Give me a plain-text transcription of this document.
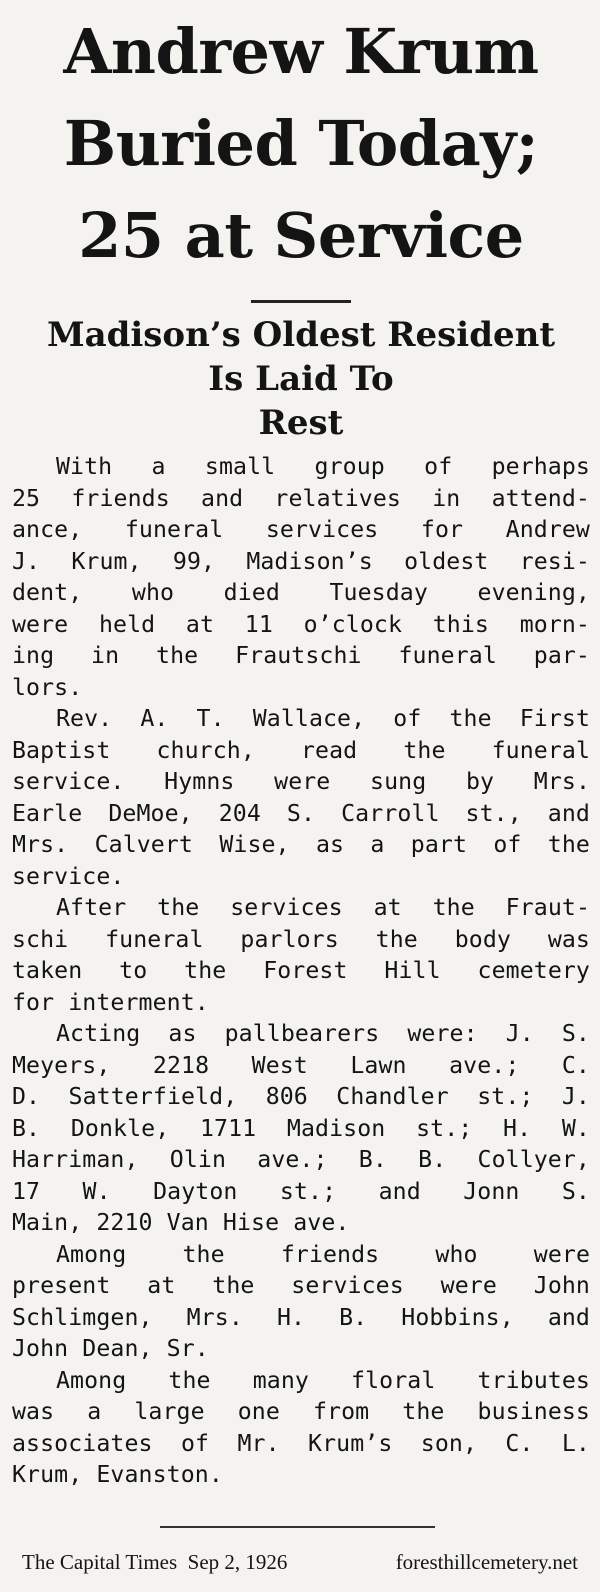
Andrew Krum
Buried Today;
25 at Service
Madison’s Oldest Resident
Is Laid To
Rest

With a small group of perhaps
25 friends and relatives in attend-
ance, funeral services for Andrew
J. Krum, 99, Madison’s oldest resi-
dent, who died Tuesday evening,
were held at 11 o’clock this morn-
ing in the Frautschi funeral par-
lors.

Rev. A. T. Wallace, of the First
Baptist church, read the funeral
service. Hymns were sung by Mrs.
Earle DeMoe, 204 S. Carroll st., and
Mrs. Calvert Wise, as a part of the
service.

After the services at the Fraut-
schi funeral parlors the body was
taken to the Forest Hill cemetery
for interment.

Acting as pallbearers were: J. S.
Meyers, 2218 West Lawn ave.; C.
D. Satterfield, 806 Chandler st.; J.
B. Donkle, 1711 Madison st.; H. W.
Harriman, Olin ave.; B. B. Collyer,
17 W. Dayton st.; and Jonn S.
Main, 2210 Van Hise ave.

Among the friends who were
present at the services were John
Schlimgen, Mrs. H. B. Hobbins, and
John Dean, Sr.

Among the many floral tributes
was a large one from the business
associates of Mr. Krum’s son, C. L.
Krum, Evanston.

The Capital Times  Sep 2, 1926	foresthillcemetery.net
